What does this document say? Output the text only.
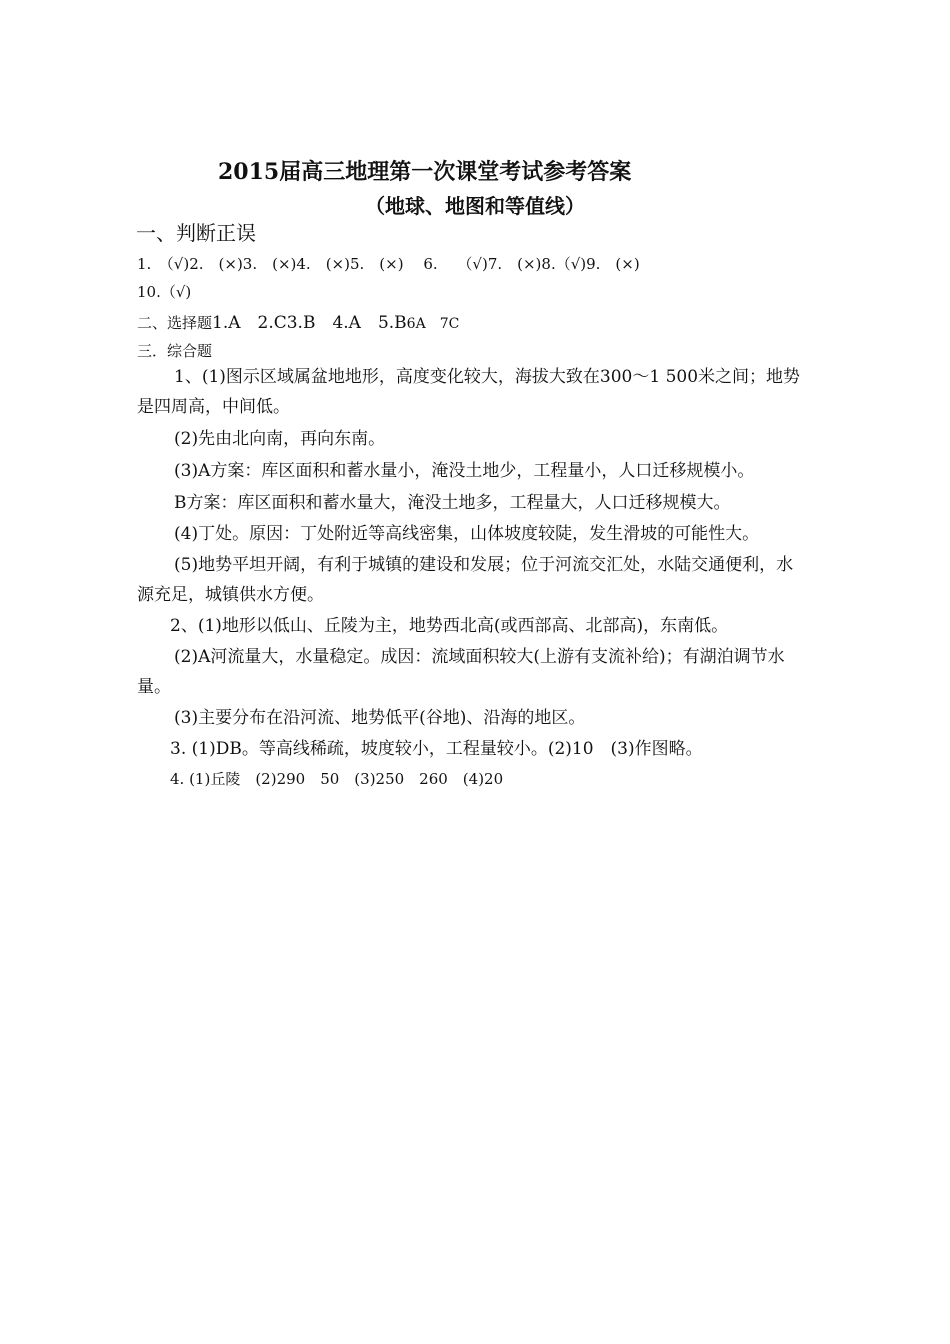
2015届高三地理第一次课堂考试参考答案
（地球、地图和等值线）
一、判断正误
1.　（√)2.　(×)3.　(×)4.　(×)5.　(×)　 6.　 （√)7.　(×)8.（√)9.　(×)
10.（√)
二、选择题1.A　2.C3.B　4.A　5.B6A　7C
三．综合题
1、(1)图示区域属盆地地形，高度变化较大，海拔大致在300～1 500米之间；地势
是四周高，中间低。
(2)先由北向南，再向东南。
(3)A方案：库区面积和蓄水量小，淹没土地少，工程量小，人口迁移规模小。
B方案：库区面积和蓄水量大，淹没土地多，工程量大，人口迁移规模大。
(4)丁处。原因：丁处附近等高线密集，山体坡度较陡，发生滑坡的可能性大。
(5)地势平坦开阔，有利于城镇的建设和发展；位于河流交汇处，水陆交通便利，水
源充足，城镇供水方便。
2、(1)地形以低山、丘陵为主，地势西北高(或西部高、北部高)，东南低。
(2)A河流量大，水量稳定。成因：流域面积较大(上游有支流补给)；有湖泊调节水
量。
(3)主要分布在沿河流、地势低平(谷地)、沿海的地区。
3. (1)DB。等高线稀疏，坡度较小，工程量较小。(2)10　(3)作图略。
4. (1)丘陵　(2)290　50　(3)250　260　(4)20
